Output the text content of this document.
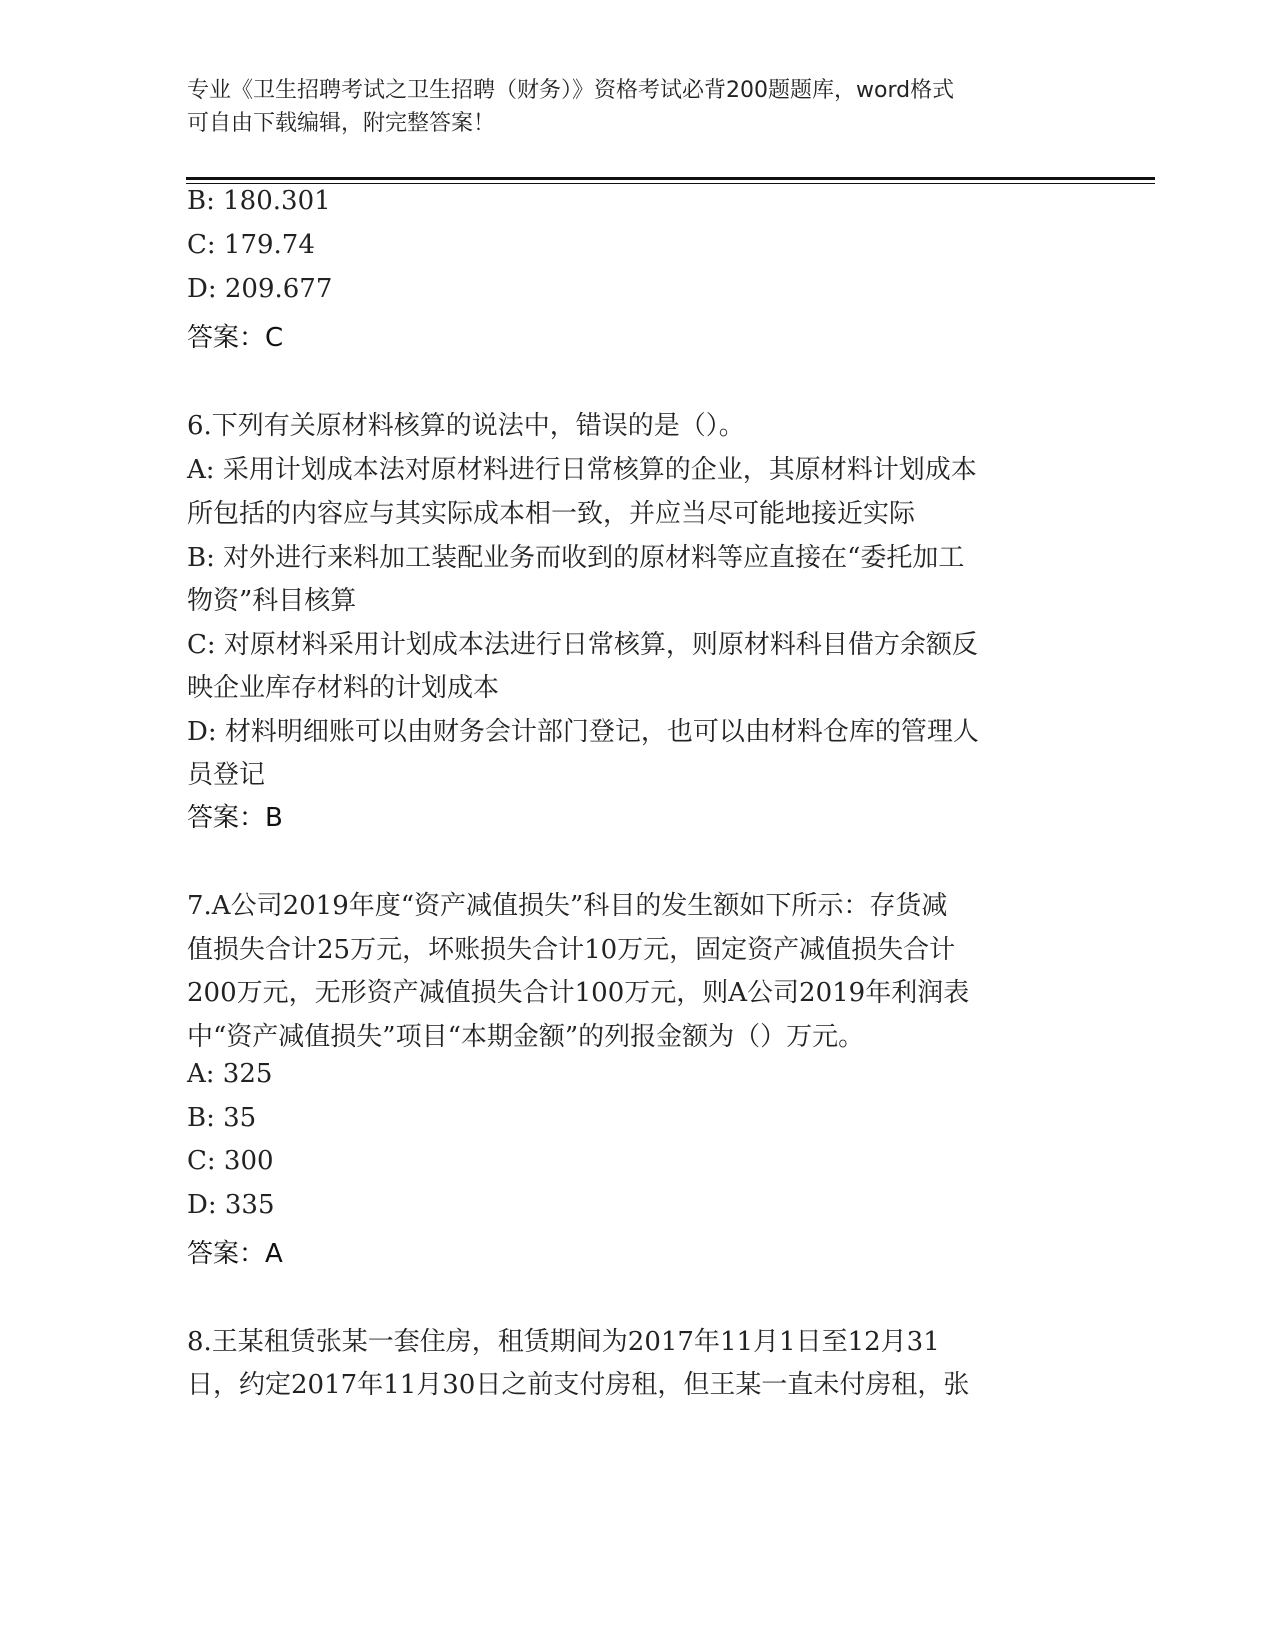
专业《卫生招聘考试之卫生招聘（财务）》资格考试必背200题题库，word格式
可自由下载编辑，附完整答案！
B: 180.301
C: 179.74
D: 209.677
答案：C
6.下列有关原材料核算的说法中，错误的是（）。
A: 采用计划成本法对原材料进行日常核算的企业，其原材料计划成本
所包括的内容应与其实际成本相一致，并应当尽可能地接近实际
B: 对外进行来料加工装配业务而收到的原材料等应直接在“委托加工
物资”科目核算
C: 对原材料采用计划成本法进行日常核算，则原材料科目借方余额反
映企业库存材料的计划成本
D: 材料明细账可以由财务会计部门登记，也可以由材料仓库的管理人
员登记
答案：B
7.A公司2019年度“资产减值损失”科目的发生额如下所示：存货减
值损失合计25万元，坏账损失合计10万元，固定资产减值损失合计
200万元，无形资产减值损失合计100万元，则A公司2019年利润表
中“资产减值损失”项目“本期金额”的列报金额为（）万元。
A: 325
B: 35
C: 300
D: 335
答案：A
8.王某租赁张某一套住房，租赁期间为2017年11月1日至12月31
日，约定2017年11月30日之前支付房租，但王某一直未付房租，张
